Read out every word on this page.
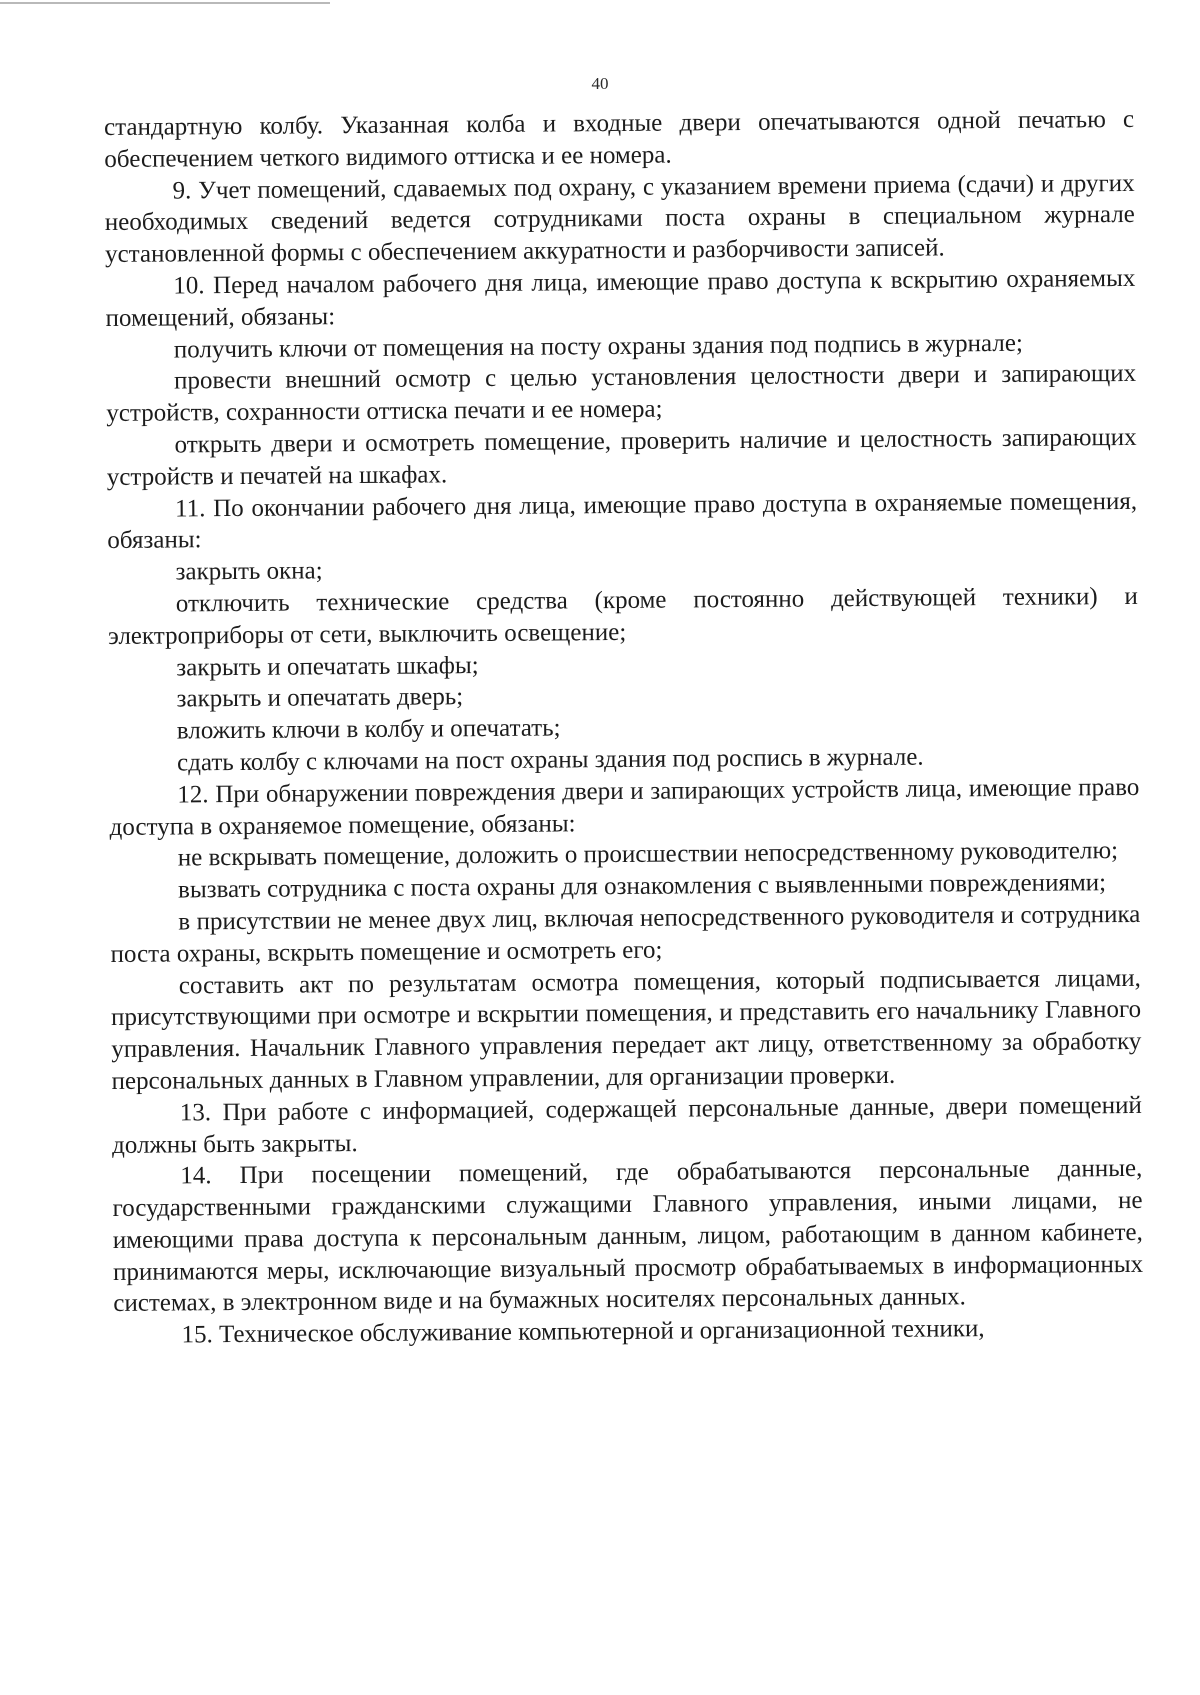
40

стандартную колбу. Указанная колба и входные двери опечатываются одной печатью с обеспечением четкого видимого оттиска и ее номера.

9. Учет помещений, сдаваемых под охрану, с указанием времени приема (сдачи) и других необходимых сведений ведется сотрудниками поста охраны в специальном журнале установленной формы с обеспечением аккуратности и разборчивости записей.

10. Перед началом рабочего дня лица, имеющие право доступа к вскрытию охраняемых помещений, обязаны:

получить ключи от помещения на посту охраны здания под подпись в журнале;

провести внешний осмотр с целью установления целостности двери и запирающих устройств, сохранности оттиска печати и ее номера;

открыть двери и осмотреть помещение, проверить наличие и целостность запирающих устройств и печатей на шкафах.

11. По окончании рабочего дня лица, имеющие право доступа в охраняемые помещения, обязаны:

закрыть окна;

отключить технические средства (кроме постоянно действующей техники) и электроприборы от сети, выключить освещение;

закрыть и опечатать шкафы;

закрыть и опечатать дверь;

вложить ключи в колбу и опечатать;

сдать колбу с ключами на пост охраны здания под роспись в журнале.

12. При обнаружении повреждения двери и запирающих устройств лица, имеющие право доступа в охраняемое помещение, обязаны:

не вскрывать помещение, доложить о происшествии непосредственному руководителю;

вызвать сотрудника с поста охраны для ознакомления с выявленными повреждениями;

в присутствии не менее двух лиц, включая непосредственного руководителя и сотрудника поста охраны, вскрыть помещение и осмотреть его;

составить акт по результатам осмотра помещения, который подписывается лицами, присутствующими при осмотре и вскрытии помещения, и представить его начальнику Главного управления. Начальник Главного управления передает акт лицу, ответственному за обработку персональных данных в Главном управлении, для организации проверки.

13. При работе с информацией, содержащей персональные данные, двери помещений должны быть закрыты.

14. При посещении помещений, где обрабатываются персональные данные, государственными гражданскими служащими Главного управления, иными лицами, не имеющими права доступа к персональным данным, лицом, работающим в данном кабинете, принимаются меры, исключающие визуальный просмотр обрабатываемых в информационных системах, в электронном виде и на бумажных носителях персональных данных.

15. Техническое обслуживание компьютерной и организационной техники,
